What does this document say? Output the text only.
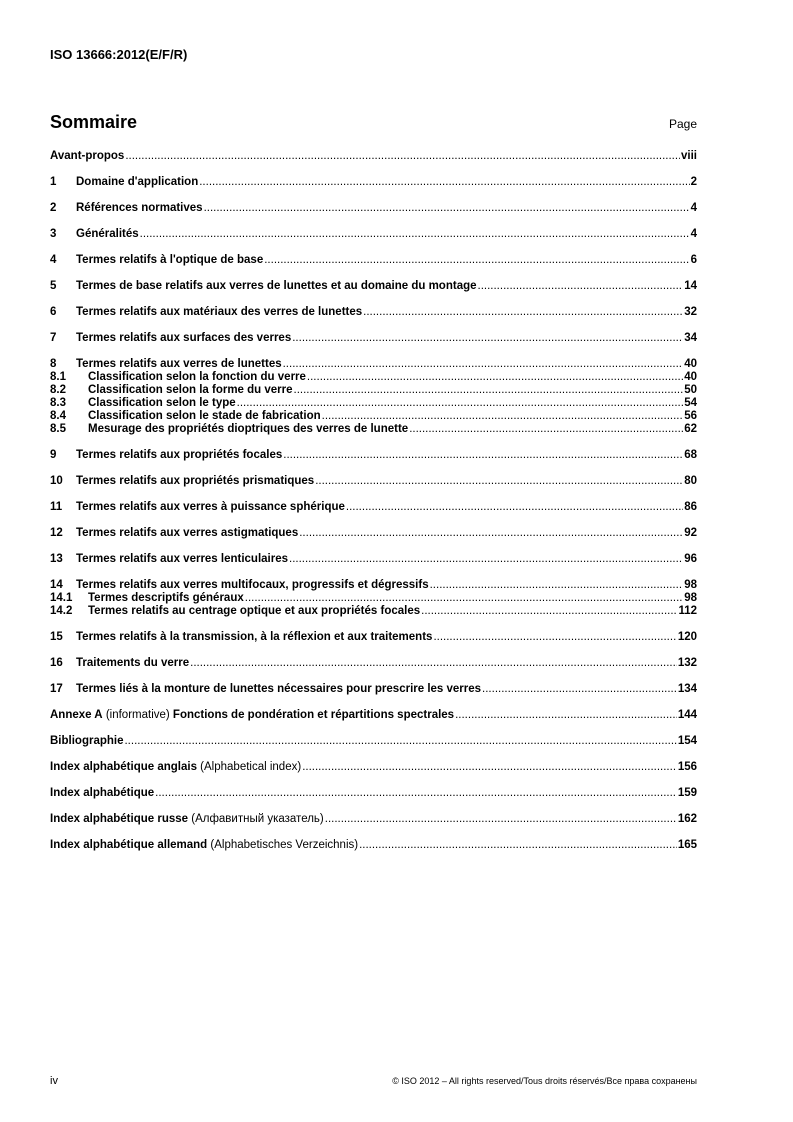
ISO 13666:2012(E/F/R)
Sommaire	Page
Avant-propos .....	viii
1	Domaine d'application .....	2
2	Références normatives .....	4
3	Généralités .....	4
4	Termes relatifs à l'optique de base .....	6
5	Termes de base relatifs aux verres de lunettes et au domaine du montage .....	14
6	Termes relatifs aux matériaux des verres de lunettes .....	32
7	Termes relatifs aux surfaces des verres .....	34
8	Termes relatifs aux verres de lunettes .....	40
8.1	Classification selon la fonction du verre .....	40
8.2	Classification selon la forme du verre .....	50
8.3	Classification selon le type .....	54
8.4	Classification selon le stade de fabrication .....	56
8.5	Mesurage des propriétés dioptriques des verres de lunette .....	62
9	Termes relatifs aux propriétés focales .....	68
10	Termes relatifs aux propriétés prismatiques .....	80
11	Termes relatifs aux verres à puissance sphérique .....	86
12	Termes relatifs aux verres astigmatiques .....	92
13	Termes relatifs aux verres lenticulaires .....	96
14	Termes relatifs aux verres multifocaux, progressifs et dégressifs .....	98
14.1	Termes descriptifs généraux .....	98
14.2	Termes relatifs au centrage optique et aux propriétés focales .....	112
15	Termes relatifs à la transmission, à la réflexion et aux traitements .....	120
16	Traitements du verre .....	132
17	Termes liés à la monture de lunettes nécessaires pour prescrire les verres .....	134
Annexe A (informative) Fonctions de pondération et répartitions spectrales .....	144
Bibliographie .....	154
Index alphabétique anglais (Alphabetical index) .....	156
Index alphabétique .....	159
Index alphabétique russe (Алфавитный указатель) .....	162
Index alphabétique allemand (Alphabetisches Verzeichnis) .....	165
iv	© ISO 2012 – All rights reserved/Tous droits réservés/Все права сохранены
